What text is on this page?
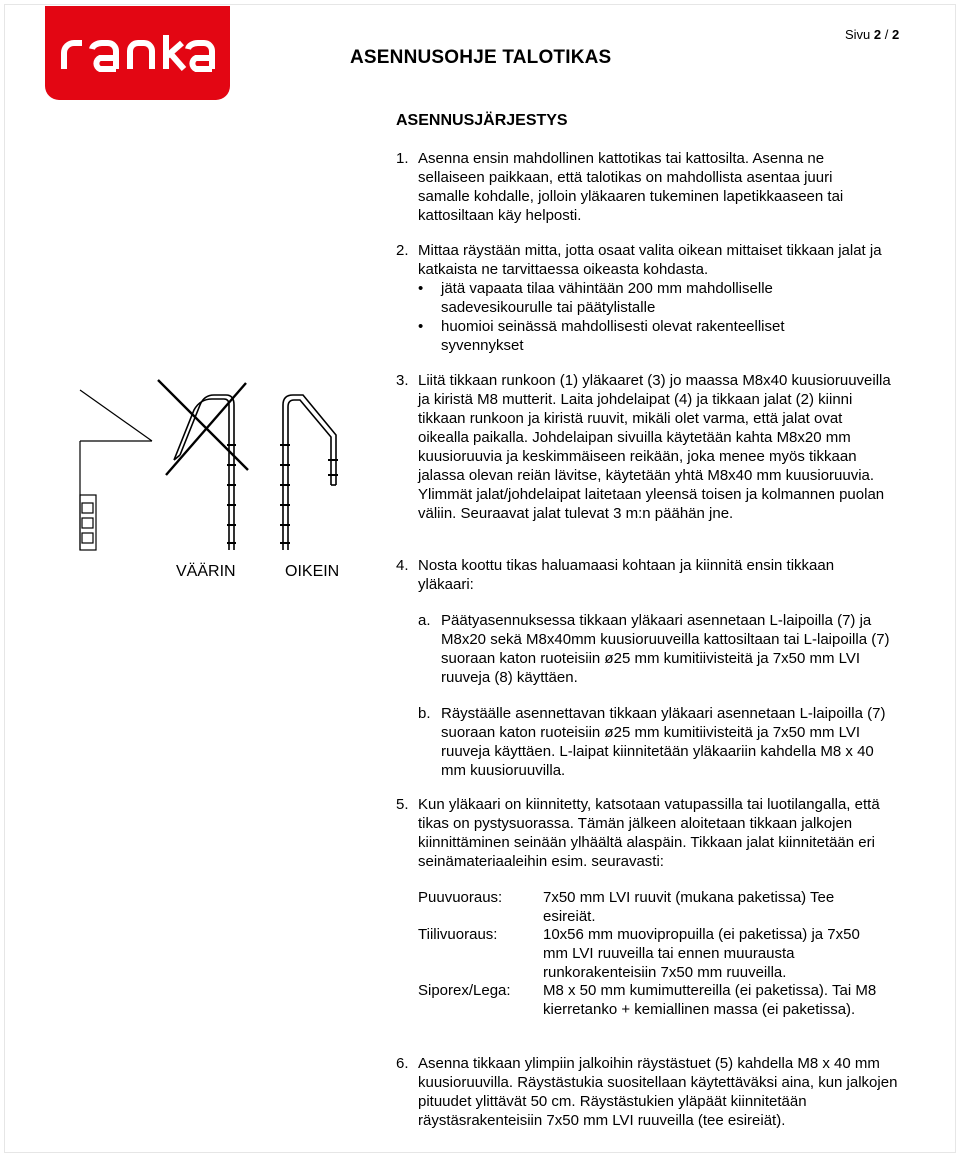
ASENNUSOHJE TALOTIKAS
Sivu 2 / 2
ASENNUSJÄRJESTYS
1. Asenna ensin mahdollinen kattotikas tai kattosilta. Asenna ne sellaiseen paikkaan, että talotikas on mahdollista asentaa juuri samalle kohdalle, jolloin yläkaaren tukeminen lapetikkaaseen tai kattosiltaan käy helposti.
2. Mittaa räystään mitta, jotta osaat valita oikean mittaiset tikkaan jalat ja katkaista ne tarvittaessa oikeasta kohdasta.
• jätä vapaata tilaa vähintään 200 mm mahdolliselle sadevesikourulle tai päätylistalle
• huomioi seinässä mahdollisesti olevat rakenteelliset syvennykset
VÄÄRIN	OIKEIN
3. Liitä tikkaan runkoon (1) yläkaaret (3) jo maassa M8x40 kuusioruuveilla ja kiristä M8 mutterit. Laita johdelaipat (4) ja tikkaan jalat (2) kiinni tikkaan runkoon ja kiristä ruuvit, mikäli olet varma, että jalat ovat oikealla paikalla. Johdelaipan sivuilla käytetään kahta M8x20 mm kuusioruuvia ja keskimmäiseen reikään, joka menee myös tikkaan jalassa olevan reiän lävitse, käytetään yhtä M8x40 mm kuusioruuvia. Ylimmät jalat/johdelaipat laitetaan yleensä toisen ja kolmannen puolan väliin. Seuraavat jalat tulevat 3 m:n päähän jne.
4. Nosta koottu tikas haluamaasi kohtaan ja kiinnitä ensin tikkaan yläkaari:
a. Päätyasennuksessa tikkaan yläkaari asennetaan L-laipoilla (7) ja M8x20 sekä M8x40mm kuusioruuveilla kattosiltaan tai L-laipoilla (7) suoraan katon ruoteisiin ø25 mm kumitiivisteitä ja 7x50 mm LVI ruuveja (8) käyttäen.
b. Räystäälle asennettavan tikkaan yläkaari asennetaan L-laipoilla (7) suoraan katon ruoteisiin ø25 mm kumitiivisteitä ja 7x50 mm LVI ruuveja käyttäen. L-laipat kiinnitetään yläkaariin kahdella M8 x 40 mm kuusioruuvilla.
5. Kun yläkaari on kiinnitetty, katsotaan vatupassilla tai luotilangalla, että tikas on pystysuorassa. Tämän jälkeen aloitetaan tikkaan jalkojen kiinnittäminen seinään ylhäältä alaspäin. Tikkaan jalat kiinnitetään eri seinämateriaaleihin esim. seuravasti:
Puuvuoraus:	7x50 mm LVI ruuvit (mukana paketissa) Tee esireiät.
Tiilivuoraus:	10x56 mm muovipropuilla (ei paketissa) ja 7x50 mm LVI ruuveilla tai ennen muurausta runkorakenteisiin 7x50 mm ruuveilla.
Siporex/Lega: M8 x 50 mm kumimuttereilla (ei paketissa). Tai M8 kierretanko + kemiallinen massa (ei paketissa).
6. Asenna tikkaan ylimpiin jalkoihin räystästuet (5) kahdella M8 x 40 mm kuusioruuvilla. Räystästukia suositellaan käytettäväksi aina, kun jalkojen pituudet ylittävät 50 cm. Räystästukien yläpäät kiinnitetään räystäsrakenteisiin 7x50 mm LVI ruuveilla (tee esireiät).
